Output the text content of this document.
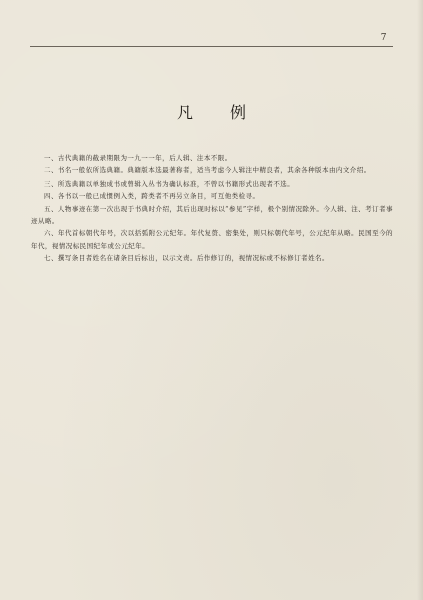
7
凡 例

一、古代典籍的截录期限为一九一一年，后人辑、注本不限。

二、书名一般依所选典籍。典籍版本选最著称者，适当考虑今人辑注中精良者，其余各种版本由内文介绍。

三、所选典籍以单独成书或曾辑入丛书为确认标准，不曾以书籍形式出现者不选。

四、各书以一般已成惯例入类，跨类者不再另立条目，可互他类检寻。

五、人物事迹在第一次出现于书典时介绍，其后出现时标以“参见”字样，极个别情况除外。今人辑、注、考订者事迹从略。

六、年代首标朝代年号，次以括弧附公元纪年。年代复赘、密集处，则只标朝代年号，公元纪年从略。民国至今的年代，视情况标民国纪年或公元纪年。

七、撰写条目者姓名在诸条目后标出，以示文责。后作修订的，视情况标或不标修订者姓名。
